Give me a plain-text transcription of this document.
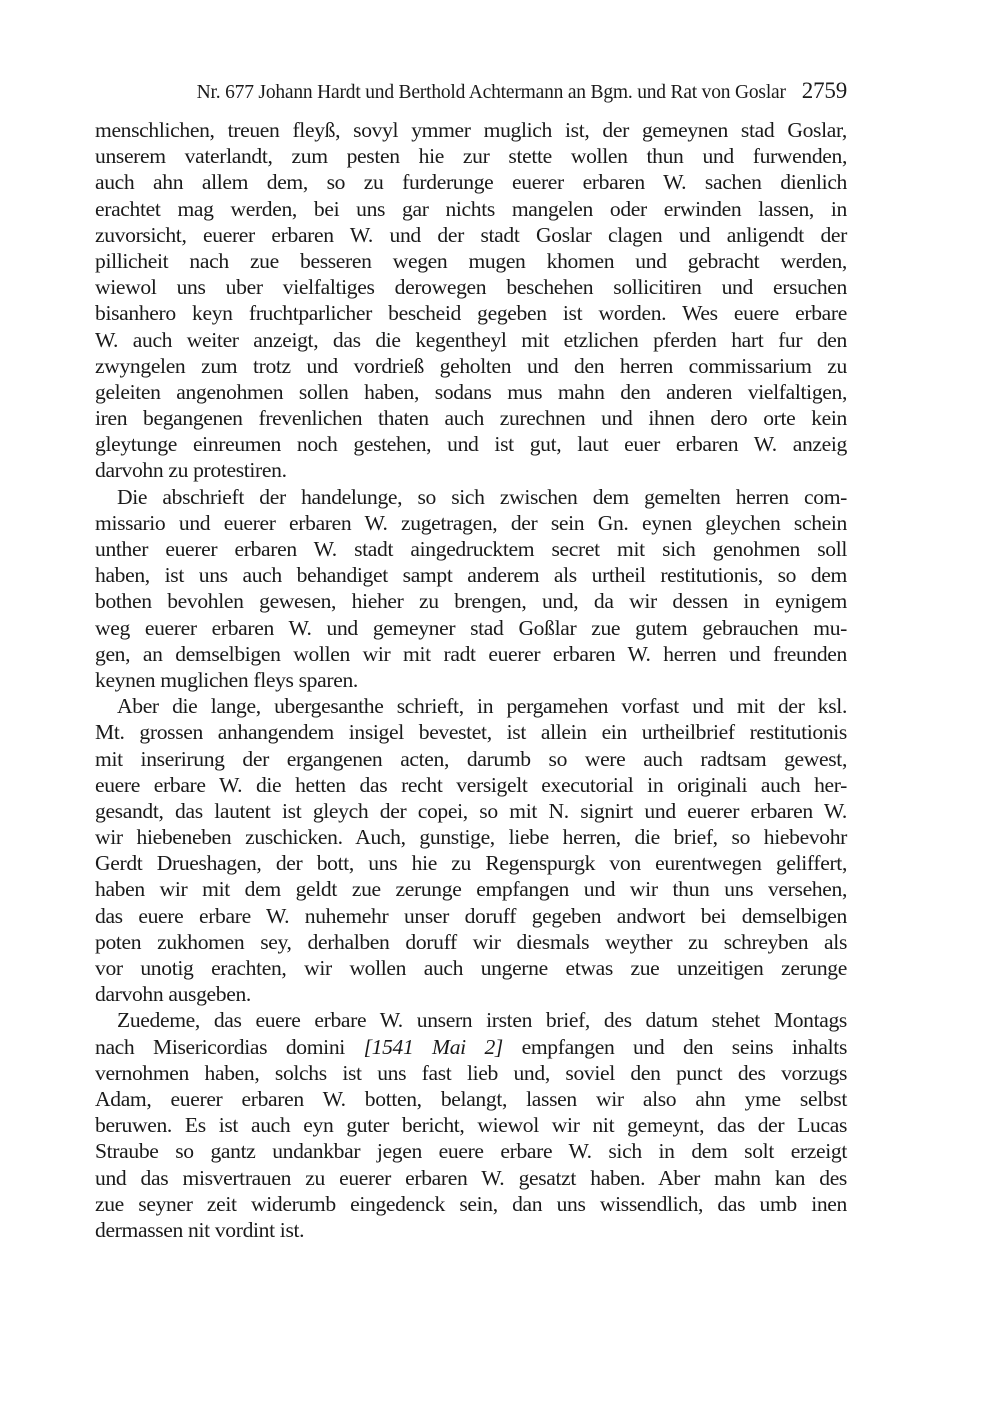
Nr. 677 Johann Hardt und Berthold Achtermann an Bgm. und Rat von Goslar 2759
menschlichen, treuen fleyß, sovyl ymmer muglich ist, der gemeynen stad Goslar,
unserem vaterlandt, zum pesten hie zur stette wollen thun und furwenden,
auch ahn allem dem, so zu furderunge euerer erbaren W. sachen dienlich
erachtet mag werden, bei uns gar nichts mangelen oder erwinden lassen, in
zuvorsicht, euerer erbaren W. und der stadt Goslar clagen und anligendt der
pillicheit nach zue besseren wegen mugen khomen und gebracht werden,
wiewol uns uber vielfaltiges derowegen beschehen sollicitiren und ersuchen
bisanhero keyn fruchtparlicher bescheid gegeben ist worden. Wes euere erbare
W. auch weiter anzeigt, das die kegentheyl mit etzlichen pferden hart fur den
zwyngelen zum trotz und vordrieß geholten und den herren commissarium zu
geleiten angenohmen sollen haben, sodans mus mahn den anderen vielfaltigen,
iren begangenen frevenlichen thaten auch zurechnen und ihnen dero orte kein
gleytunge einreumen noch gestehen, und ist gut, laut euer erbaren W. anzeig
darvohn zu protestiren.
Die abschrieft der handelunge, so sich zwischen dem gemelten herren com-
missario und euerer erbaren W. zugetragen, der sein Gn. eynen gleychen schein
unther euerer erbaren W. stadt aingedrucktem secret mit sich genohmen soll
haben, ist uns auch behandiget sampt anderem als urtheil restitutionis, so dem
bothen bevohlen gewesen, hieher zu brengen, und, da wir dessen in eynigem
weg euerer erbaren W. und gemeyner stad Goßlar zue gutem gebrauchen mu-
gen, an demselbigen wollen wir mit radt euerer erbaren W. herren und freunden
keynen muglichen fleys sparen.
Aber die lange, ubergesanthe schrieft, in pergamehen vorfast und mit der ksl.
Mt. grossen anhangendem insigel bevestet, ist allein ein urtheilbrief restitutionis
mit inserirung der ergangenen acten, darumb so were auch radtsam gewest,
euere erbare W. die hetten das recht versigelt executorial in originali auch her-
gesandt, das lautent ist gleych der copei, so mit N. signirt und euerer erbaren W.
wir hiebeneben zuschicken. Auch, gunstige, liebe herren, die brief, so hiebevohr
Gerdt Drueshagen, der bott, uns hie zu Regenspurgk von eurentwegen geliffert,
haben wir mit dem geldt zue zerunge empfangen und wir thun uns versehen,
das euere erbare W. nuhemehr unser doruff gegeben andwort bei demselbigen
poten zukhomen sey, derhalben doruff wir diesmals weyther zu schreyben als
vor unotig erachten, wir wollen auch ungerne etwas zue unzeitigen zerunge
darvohn ausgeben.
Zuedeme, das euere erbare W. unsern irsten brief, des datum stehet Montags
nach Misericordias domini [1541 Mai 2] empfangen und den seins inhalts
vernohmen haben, solchs ist uns fast lieb und, soviel den punct des vorzugs
Adam, euerer erbaren W. botten, belangt, lassen wir also ahn yme selbst
beruwen. Es ist auch eyn guter bericht, wiewol wir nit gemeynt, das der Lucas
Straube so gantz undankbar jegen euere erbare W. sich in dem solt erzeigt
und das misvertrauen zu euerer erbaren W. gesatzt haben. Aber mahn kan des
zue seyner zeit widerumb eingedenck sein, dan uns wissendlich, das umb inen
dermassen nit vordint ist.
